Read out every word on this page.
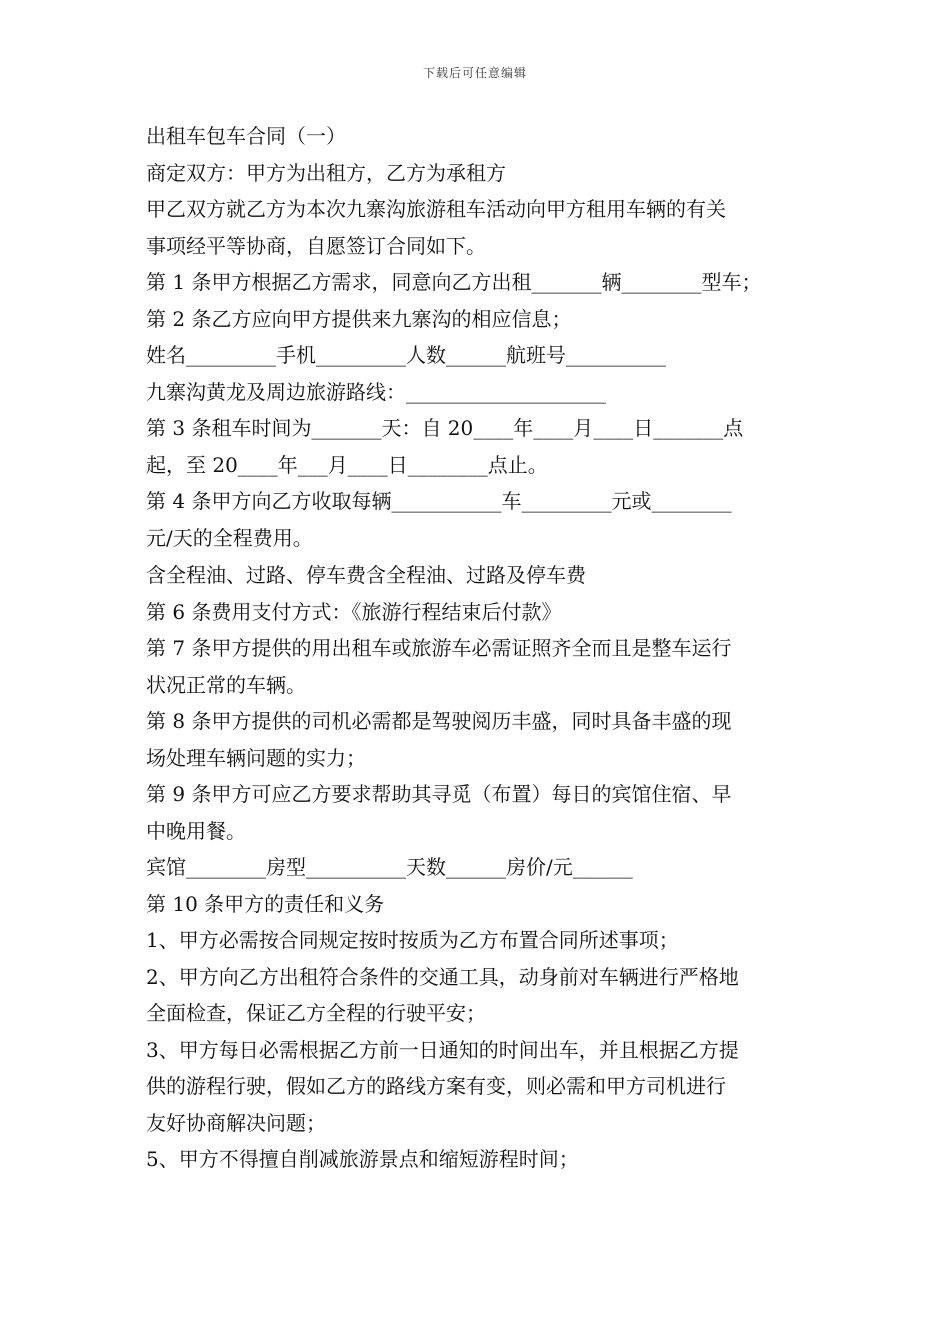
下载后可任意编辑
出租车包车合同（一）
商定双方：甲方为出租方，乙方为承租方
甲乙双方就乙方为本次九寨沟旅游租车活动向甲方租用车辆的有关
事项经平等协商，自愿签订合同如下。
第 1 条甲方根据乙方需求，同意向乙方出租_______辆________型车；
第 2 条乙方应向甲方提供来九寨沟的相应信息；
姓名_________手机_________人数______航班号__________
九寨沟黄龙及周边旅游路线：____________________
第 3 条租车时间为_______天：自 20____年____月____日_______点
起，至 20____年___月____日________点止。
第 4 条甲方向乙方收取每辆___________车_________元或________
元/天的全程费用。
含全程油、过路、停车费含全程油、过路及停车费
第 6 条费用支付方式：《旅游行程结束后付款》
第 7 条甲方提供的用出租车或旅游车必需证照齐全而且是整车运行
状况正常的车辆。
第 8 条甲方提供的司机必需都是驾驶阅历丰盛，同时具备丰盛的现
场处理车辆问题的实力；
第 9 条甲方可应乙方要求帮助其寻觅（布置）每日的宾馆住宿、早
中晚用餐。
宾馆________房型__________天数______房价/元______
第 10 条甲方的责任和义务
1、甲方必需按合同规定按时按质为乙方布置合同所述事项；
2、甲方向乙方出租符合条件的交通工具，动身前对车辆进行严格地
全面检查，保证乙方全程的行驶平安；
3、甲方每日必需根据乙方前一日通知的时间出车，并且根据乙方提
供的游程行驶，假如乙方的路线方案有变，则必需和甲方司机进行
友好协商解决问题；
5、甲方不得擅自削减旅游景点和缩短游程时间；
